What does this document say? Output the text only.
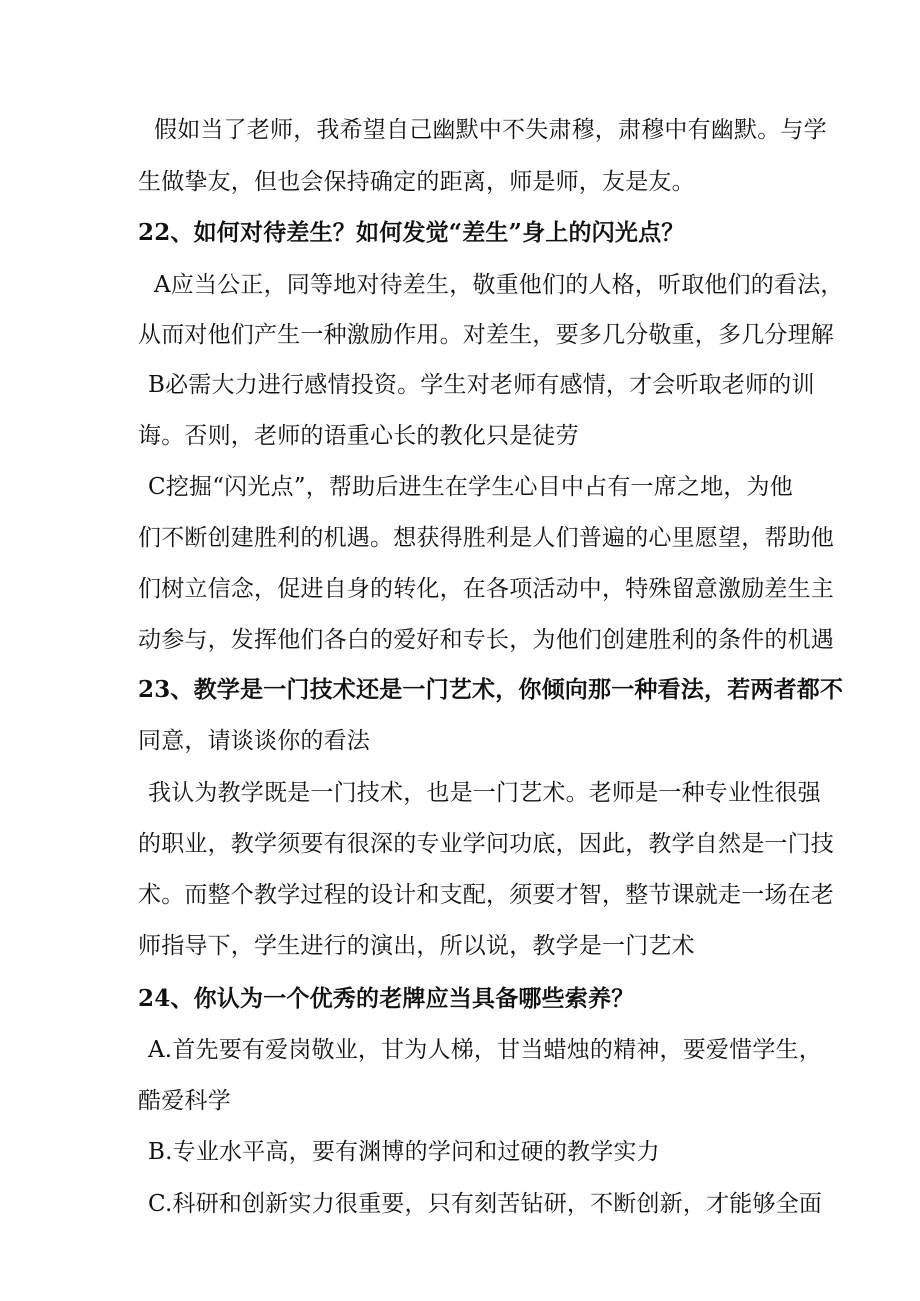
假如当了老师，我希望自己幽默中不失肃穆，肃穆中有幽默。与学
生做挚友，但也会保持确定的距离，师是师，友是友。
22、如何对待差生？如何发觉“差生”身上的闪光点？
A应当公正，同等地对待差生，敬重他们的人格，听取他们的看法，
从而对他们产生一种激励作用。对差生，要多几分敬重，多几分理解
B必需大力进行感情投资。学生对老师有感情，才会听取老师的训
诲。否则，老师的语重心长的教化只是徒劳
C挖掘“闪光点”，帮助后进生在学生心目中占有一席之地，为他
们不断创建胜利的机遇。想获得胜利是人们普遍的心里愿望，帮助他
们树立信念，促进自身的转化，在各项活动中，特殊留意激励差生主
动参与，发挥他们各白的爱好和专长，为他们创建胜利的条件的机遇
23、教学是一门技术还是一门艺术，你倾向那一种看法，若两者都不
同意，请谈谈你的看法
我认为教学既是一门技术，也是一门艺术。老师是一种专业性很强
的职业，教学须要有很深的专业学问功底，因此，教学自然是一门技
术。而整个教学过程的设计和支配，须要才智，整节课就走一场在老
师指导下，学生进行的演出，所以说，教学是一门艺术
24、你认为一个优秀的老牌应当具备哪些索养？
A.首先要有爱岗敬业，甘为人梯，甘当蜡烛的精神，要爱惜学生，
酷爱科学
B.专业水平高，要有渊博的学问和过硬的教学实力
C.科研和创新实力很重要，只有刻苦钻研，不断创新，才能够全面
